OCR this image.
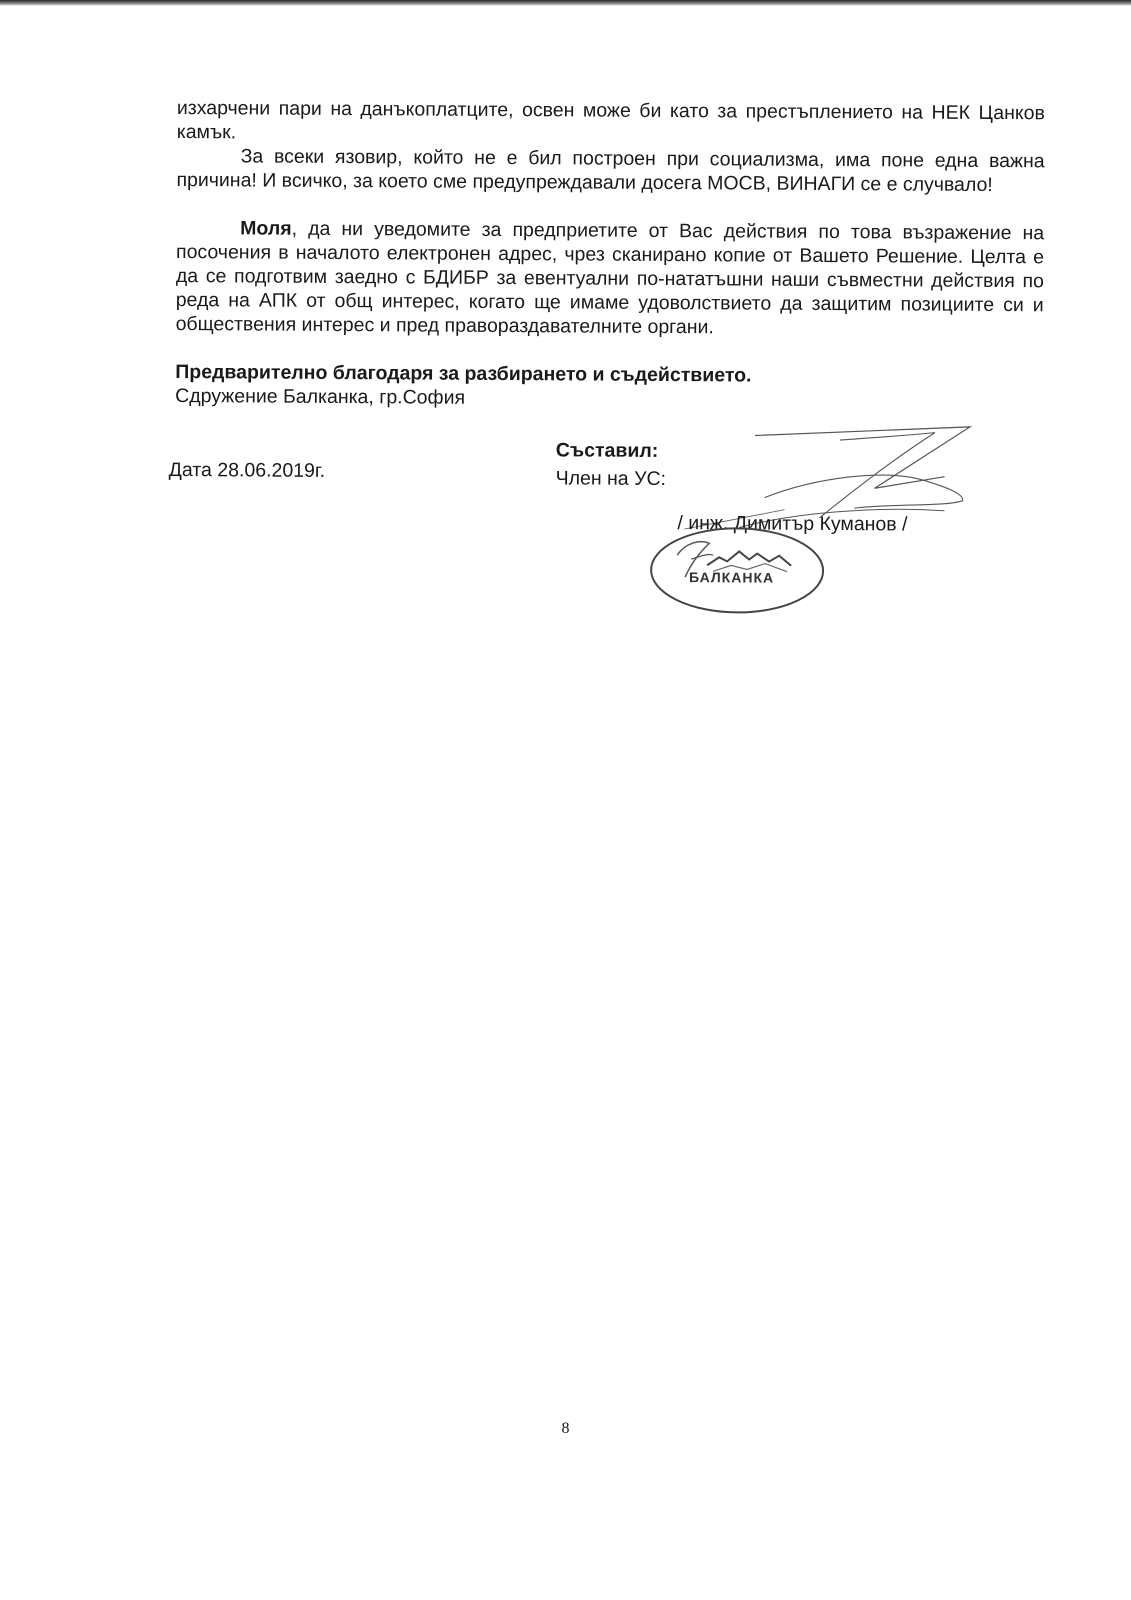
изхарчени пари на данъкоплатците, освен може би като за престъплението на НЕК Цанков камък.

За всеки язовир, който не е бил построен при социализма, има поне една важна причина! И всичко, за което сме предупреждавали досега МОСВ, ВИНАГИ се е случвало!

Моля, да ни уведомите за предприетите от Вас действия по това възражение на посочения в началото електронен адрес, чрез сканирано копие от Вашето Решение. Целта е да се подготвим заедно с БДИБР за евентуални по-нататъшни наши съвместни действия по реда на АПК от общ интерес, когато ще имаме удоволствието да защитим позициите си и обществения интерес и пред правораздавателните органи.

Предварително благодаря за разбирането и съдействието.

Сдружение Балканка, гр.София

Дата 28.06.2019г.
Съставил:
Член на УС:
/ инж. Димитър Куманов /
БАЛКАНКА
8
